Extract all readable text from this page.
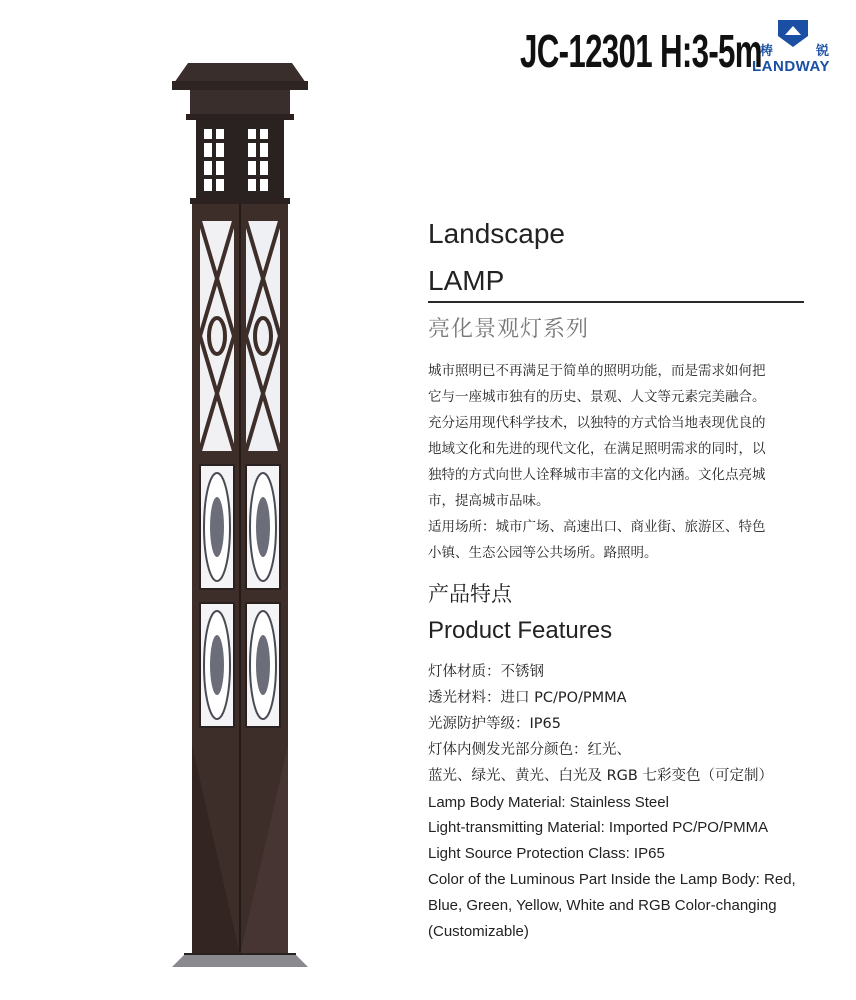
JC-12301 H:3-5m
梼	锐
LANDWAY
Landscape
LAMP
亮化景观灯系列

城市照明已不再满足于简单的照明功能，而是需求如何把

它与一座城市独有的历史、景观、人文等元素完美融合。

充分运用现代科学技术，以独特的方式恰当地表现优良的

地域文化和先进的现代文化，在满足照明需求的同时，以

独特的方式向世人诠释城市丰富的文化内涵。文化点亮城

市，提高城市品味。

适用场所：城市广场、高速出口、商业街、旅游区、特色

小镇、生态公园等公共场所。路照明。

产品特点
Product Features

灯体材质：不锈钢

透光材料：进口 PC/PO/PMMA

光源防护等级：IP65

灯体内侧发光部分颜色：红光、

蓝光、绿光、黄光、白光及 RGB 七彩变色（可定制）

Lamp Body Material: Stainless Steel

Light-transmitting Material: Imported PC/PO/PMMA

Light Source Protection Class: IP65

Color of the Luminous Part Inside the Lamp Body: Red,

Blue, Green, Yellow, White and RGB Color-changing

(Customizable)
